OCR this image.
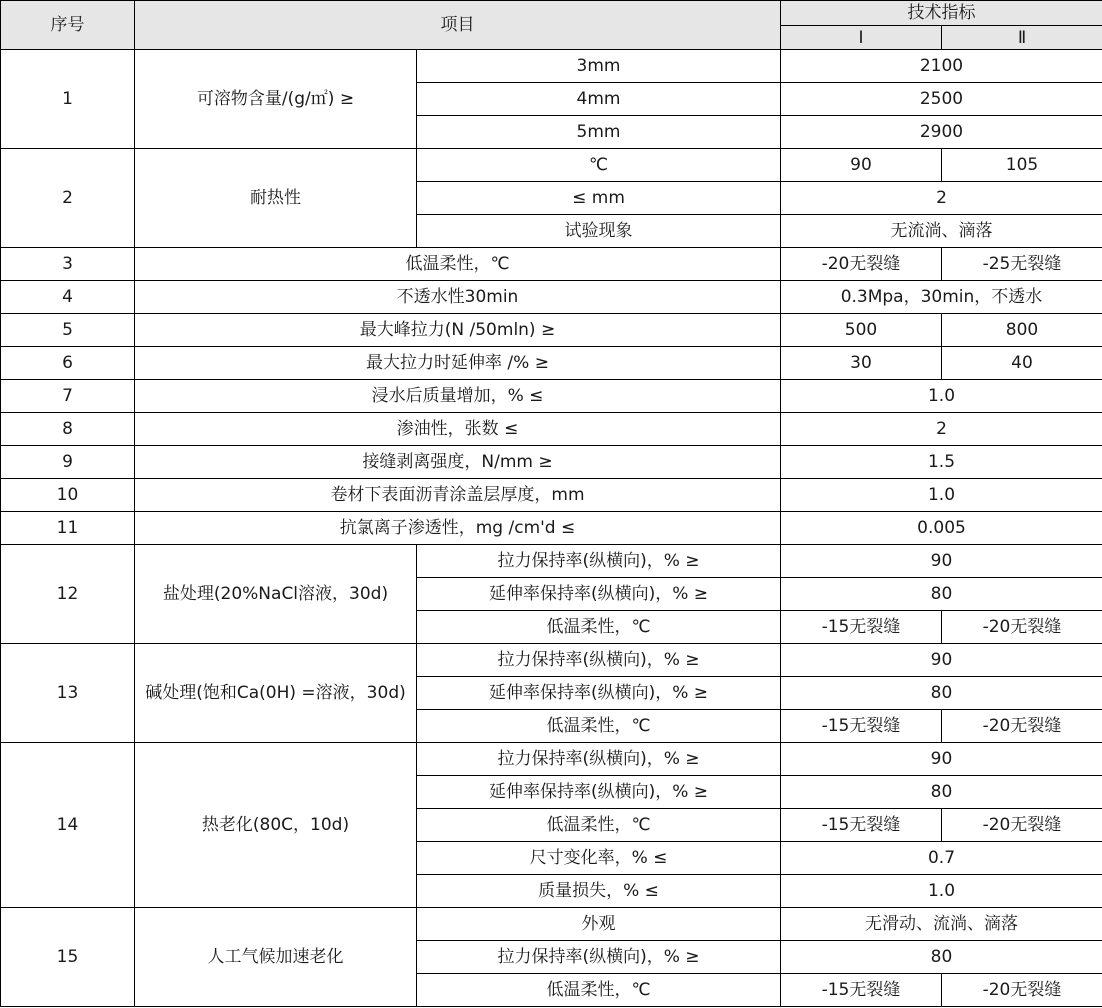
序号	项目		技术指标	
			Ⅰ	Ⅱ
1	可溶物含量/(g/㎡) ≥	3mm	2100	
		4mm	2500	
		5mm	2900	
2	耐热性	℃	90	105
		≤ mm	2	
		试验现象	无流淌、滴落	
3	低温柔性，℃		-20无裂缝	-25无裂缝
4	不透水性30min		0.3Mpa，30min，不透水	
5	最大峰拉力(N /50mln) ≥		500	800
6	最大拉力时延伸率 /% ≥		30	40
7	浸水后质量增加，% ≤		1.0	
8	渗油性，张数 ≤		2	
9	接缝剥离强度，N/mm ≥		1.5	
10	卷材下表面沥青涂盖层厚度，mm		1.0	
11	抗氯离子渗透性，mg /cm'd ≤		0.005	
12	盐处理(20%NaCl溶液，30d)	拉力保持率(纵横向)，% ≥	90	
		延伸率保持率(纵横向)，% ≥	80	
		低温柔性，℃	-15无裂缝	-20无裂缝
13	碱处理(饱和Ca(0H) =溶液，30d)	拉力保持率(纵横向)，% ≥	90	
		延伸率保持率(纵横向)，% ≥	80	
		低温柔性，℃	-15无裂缝	-20无裂缝
14	热老化(80C，10d)	拉力保持率(纵横向)，% ≥	90	
		延伸率保持率(纵横向)，% ≥	80	
		低温柔性，℃	-15无裂缝	-20无裂缝
		尺寸变化率，% ≤	0.7	
		质量损失，% ≤	1.0	
15	人工气候加速老化	外观	无滑动、流淌、滴落	
		拉力保持率(纵横向)，% ≥	80	
		低温柔性，℃	-15无裂缝	-20无裂缝
